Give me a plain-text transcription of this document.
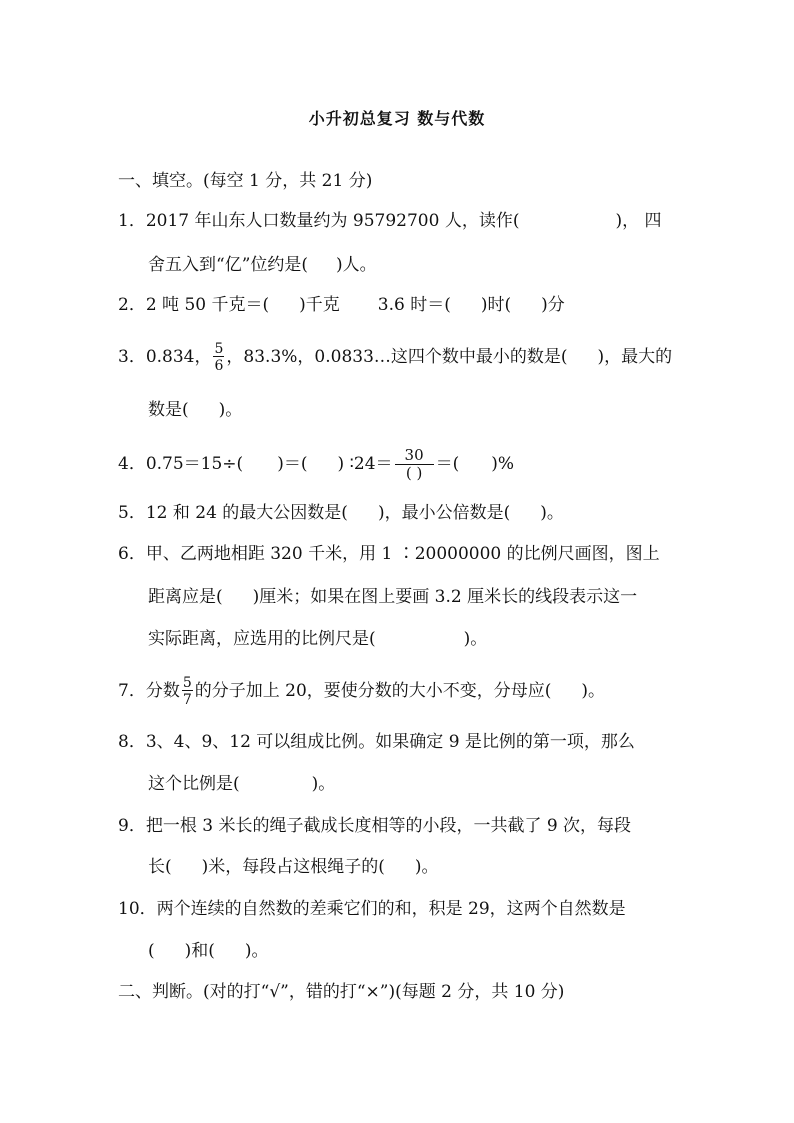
小升初总复习 数与代数
一、填空。(每空 1 分，共 21 分)
1．2017 年山东人口数量约为 95792700 人，读作(	)， 四
舍五入到“亿”位约是( )人。
2．2 吨 50 千克＝( )千克 3.6 时＝( )时( )分
3．0.834， $\frac{5}{6}$ ，83.3%，0.0833…这四个数中最小的数是( )，最大的
数是( )。
4．0.75＝15÷( )＝( ) ∶24＝ $\frac{30}{( )}$ ＝( )%
5．12 和 24 的最大公因数是( )，最小公倍数是( )。
6．甲、乙两地相距 320 千米，用 1 ∶20000000 的比例尺画图，图上
距离应是( )厘米；如果在图上要画 3.2 厘米长的线段表示这一
实际距离，应选用的比例尺是(	)。
7．分数 $\frac{5}{7}$ 的分子加上 20，要使分数的大小不变，分母应( )。
8．3、4、9、12 可以组成比例。如果确定 9 是比例的第一项，那么
这个比例是(	)。
9．把一根 3 米长的绳子截成长度相等的小段，一共截了 9 次，每段
长( )米，每段占这根绳子的( )。
10．两个连续的自然数的差乘它们的和，积是 29，这两个自然数是
( )和( )。
二、判断。(对的打“√”，错的打“×”)(每题 2 分，共 10 分)
